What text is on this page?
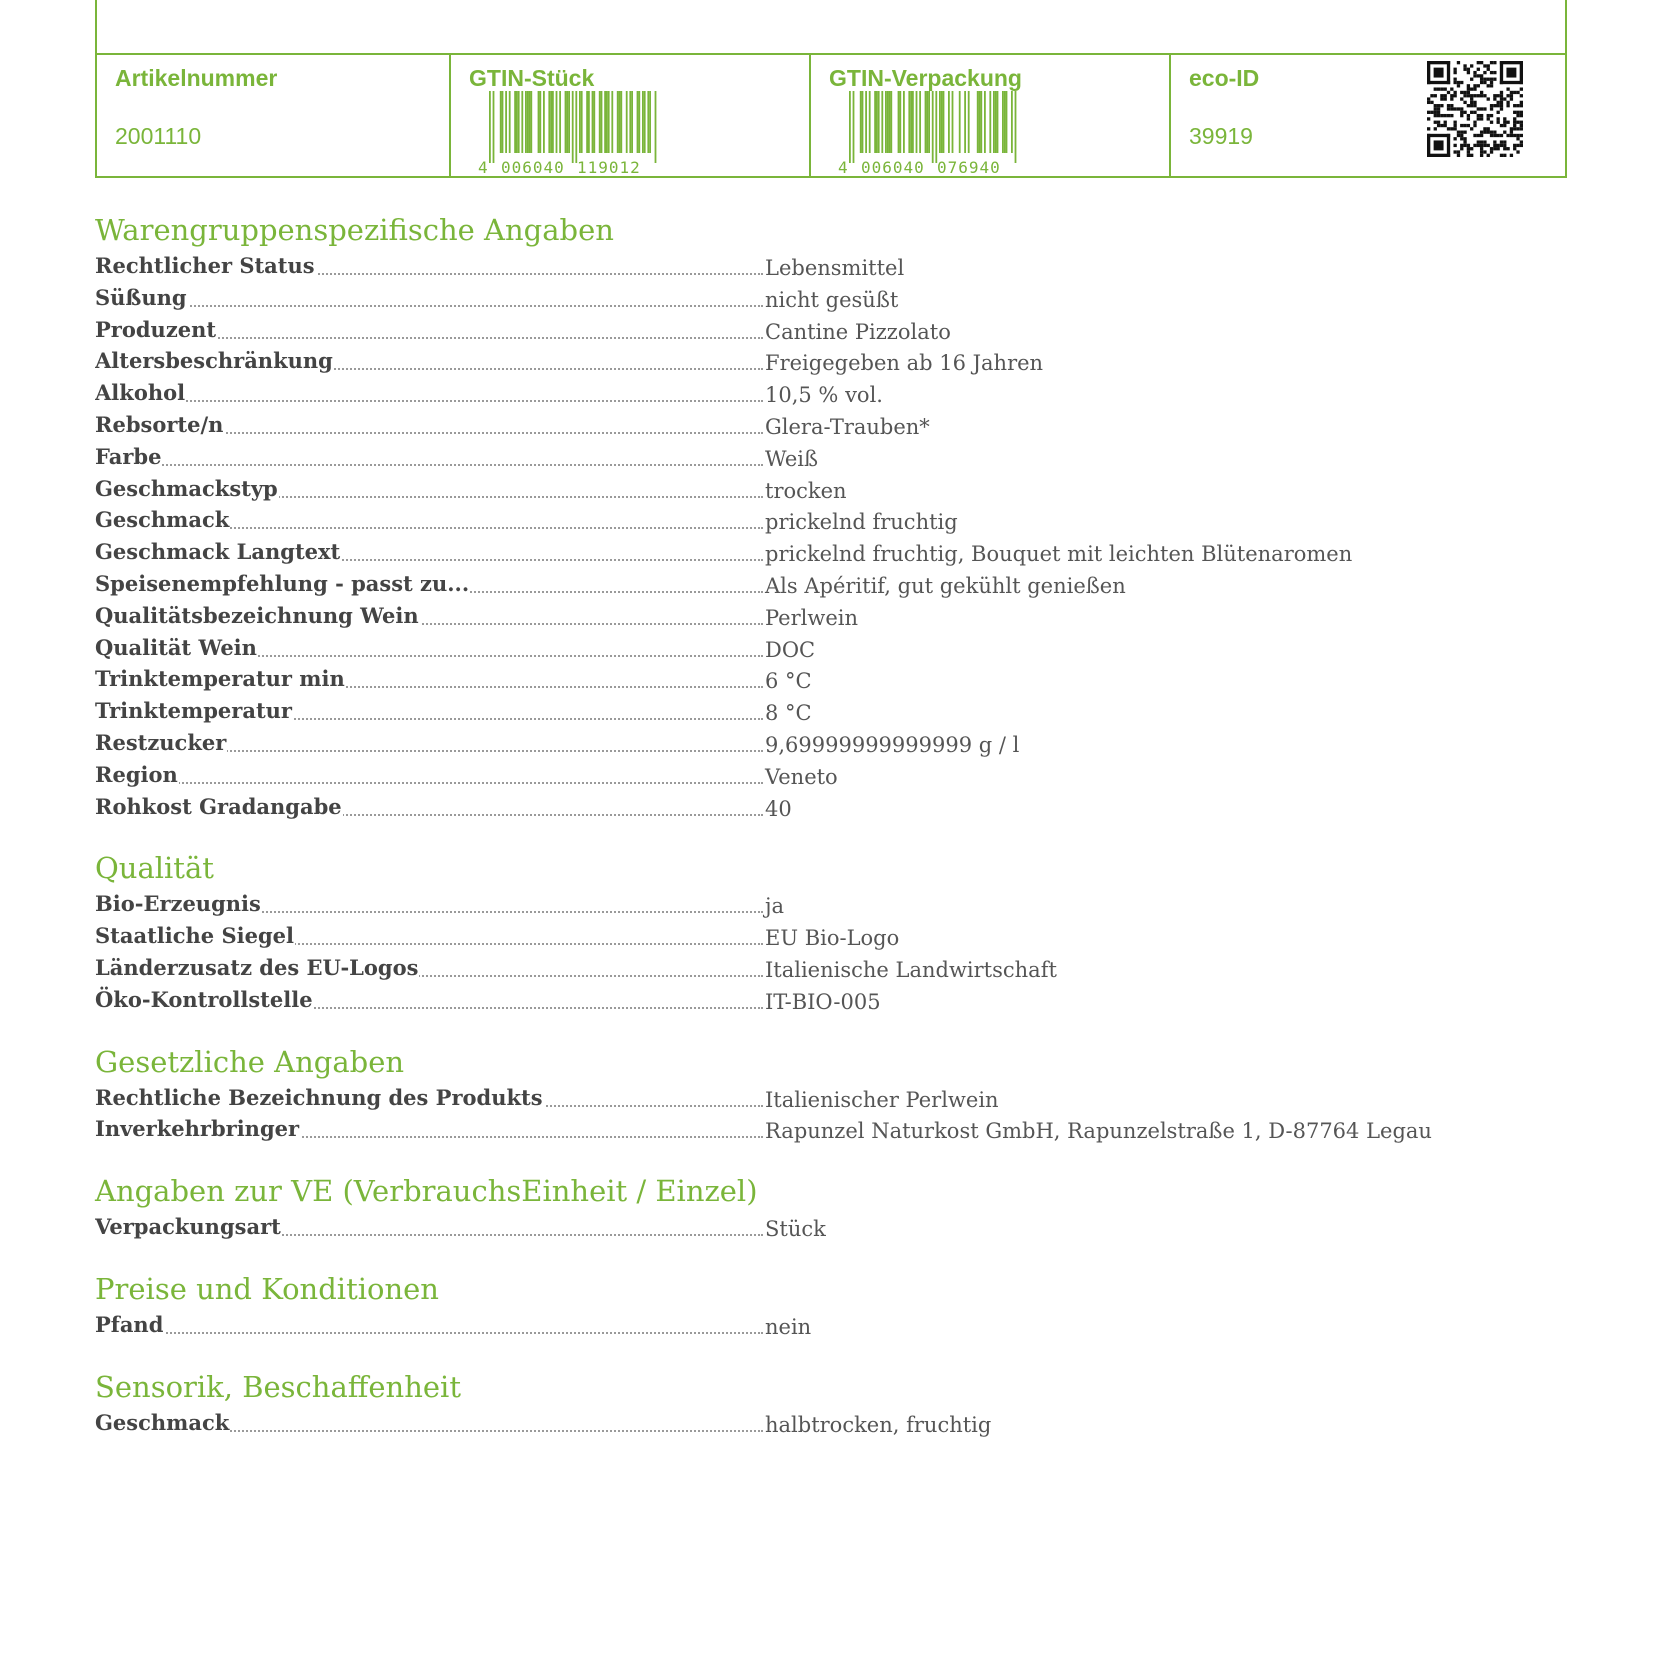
Artikelnummer
2001110
GTIN-Stück
4 006040 119012
GTIN-Verpackung
4 006040 076940
eco-ID
39919
Warengruppenspezifische Angaben
Rechtlicher Status	Lebensmittel
Süßung	nicht gesüßt
Produzent	Cantine Pizzolato
Altersbeschränkung	Freigegeben ab 16 Jahren
Alkohol	10,5 % vol.
Rebsorte/n	Glera-Trauben*
Farbe	Weiß
Geschmackstyp	trocken
Geschmack	prickelnd fruchtig
Geschmack Langtext	prickelnd fruchtig, Bouquet mit leichten Blütenaromen
Speisenempfehlung - passt zu...	Als Apéritif, gut gekühlt genießen
Qualitätsbezeichnung Wein	Perlwein
Qualität Wein	DOC
Trinktemperatur min	6 °C
Trinktemperatur	8 °C
Restzucker	9,69999999999999 g / l
Region	Veneto
Rohkost Gradangabe	40
Qualität
Bio-Erzeugnis	ja
Staatliche Siegel	EU Bio-Logo
Länderzusatz des EU-Logos	Italienische Landwirtschaft
Öko-Kontrollstelle	IT-BIO-005
Gesetzliche Angaben
Rechtliche Bezeichnung des Produkts	Italienischer Perlwein
Inverkehrbringer	Rapunzel Naturkost GmbH, Rapunzelstraße 1, D-87764 Legau
Angaben zur VE (VerbrauchsEinheit / Einzel)
Verpackungsart	Stück
Preise und Konditionen
Pfand	nein
Sensorik, Beschaffenheit
Geschmack	halbtrocken, fruchtig
